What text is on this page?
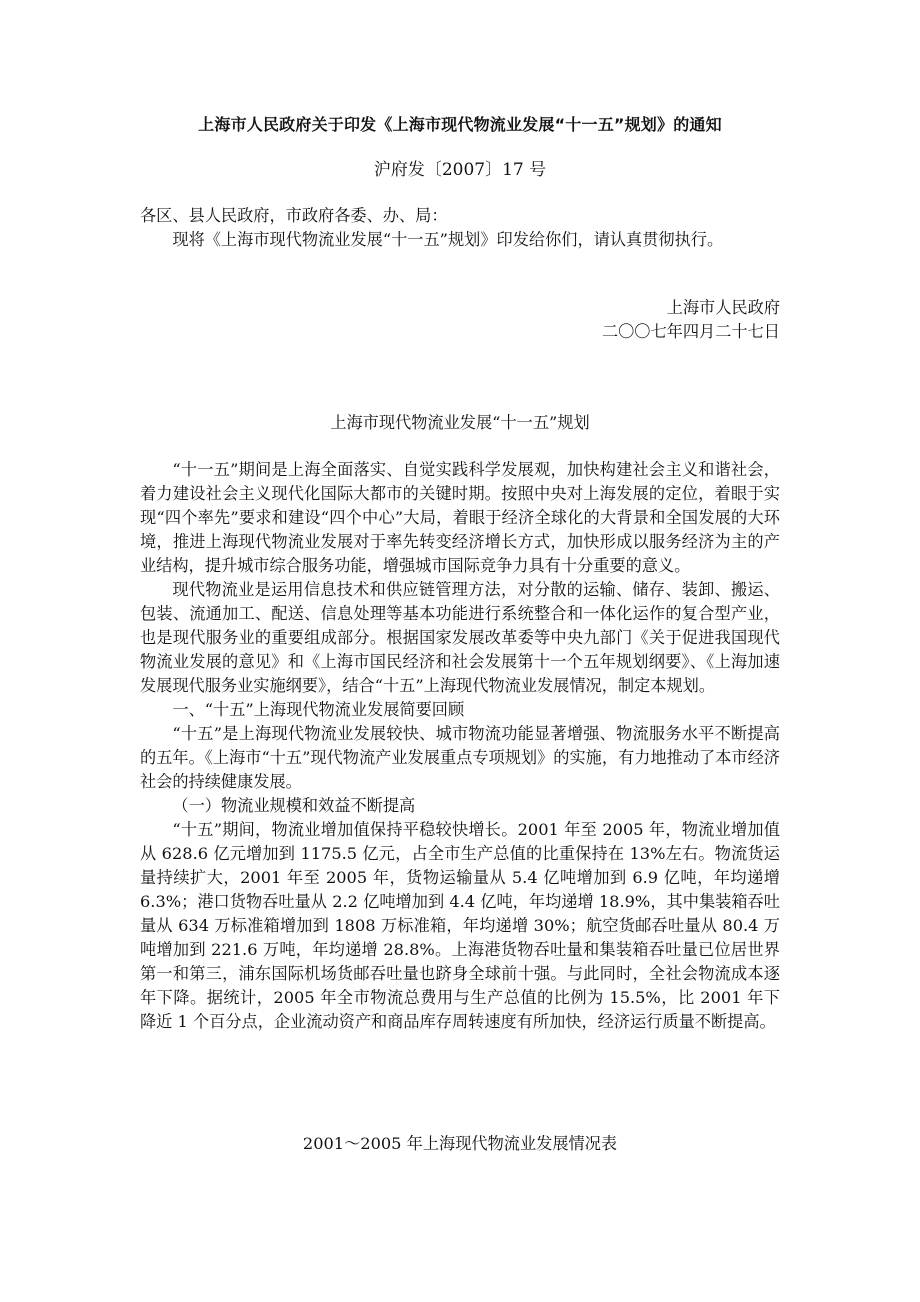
上海市人民政府关于印发《上海市现代物流业发展“十一五”规划》的通知
沪府发〔2007〕17 号
各区、县人民政府，市政府各委、办、局：
现将《上海市现代物流业发展“十一五”规划》印发给你们，请认真贯彻执行。
上海市人民政府
二〇〇七年四月二十七日
上海市现代物流业发展“十一五”规划

“十一五”期间是上海全面落实、自觉实践科学发展观，加快构建社会主义和谐社会，着力建设社会主义现代化国际大都市的关键时期。按照中央对上海发展的定位，着眼于实现“四个率先”要求和建设“四个中心”大局，着眼于经济全球化的大背景和全国发展的大环境，推进上海现代物流业发展对于率先转变经济增长方式，加快形成以服务经济为主的产业结构，提升城市综合服务功能，增强城市国际竞争力具有十分重要的意义。

现代物流业是运用信息技术和供应链管理方法，对分散的运输、储存、装卸、搬运、包装、流通加工、配送、信息处理等基本功能进行系统整合和一体化运作的复合型产业，也是现代服务业的重要组成部分。根据国家发展改革委等中央九部门《关于促进我国现代物流业发展的意见》和《上海市国民经济和社会发展第十一个五年规划纲要》、《上海加速发展现代服务业实施纲要》，结合“十五”上海现代物流业发展情况，制定本规划。

一、“十五”上海现代物流业发展简要回顾

“十五”是上海现代物流业发展较快、城市物流功能显著增强、物流服务水平不断提高的五年。《上海市“十五”现代物流产业发展重点专项规划》的实施，有力地推动了本市经济社会的持续健康发展。

（一）物流业规模和效益不断提高

“十五”期间，物流业增加值保持平稳较快增长。2001 年至 2005 年，物流业增加值从 628.6 亿元增加到 1175.5 亿元，占全市生产总值的比重保持在 13%左右。物流货运量持续扩大，2001 年至 2005 年，货物运输量从 5.4 亿吨增加到 6.9 亿吨，年均递增 6.3%；港口货物吞吐量从 2.2 亿吨增加到 4.4 亿吨，年均递增 18.9%，其中集装箱吞吐量从 634 万标准箱增加到 1808 万标准箱，年均递增 30%；航空货邮吞吐量从 80.4 万吨增加到 221.6 万吨，年均递增 28.8%。上海港货物吞吐量和集装箱吞吐量已位居世界第一和第三，浦东国际机场货邮吞吐量也跻身全球前十强。与此同时，全社会物流成本逐年下降。据统计，2005 年全市物流总费用与生产总值的比例为 15.5%，比 2001 年下降近 1 个百分点，企业流动资产和商品库存周转速度有所加快，经济运行质量不断提高。

2001～2005 年上海现代物流业发展情况表
